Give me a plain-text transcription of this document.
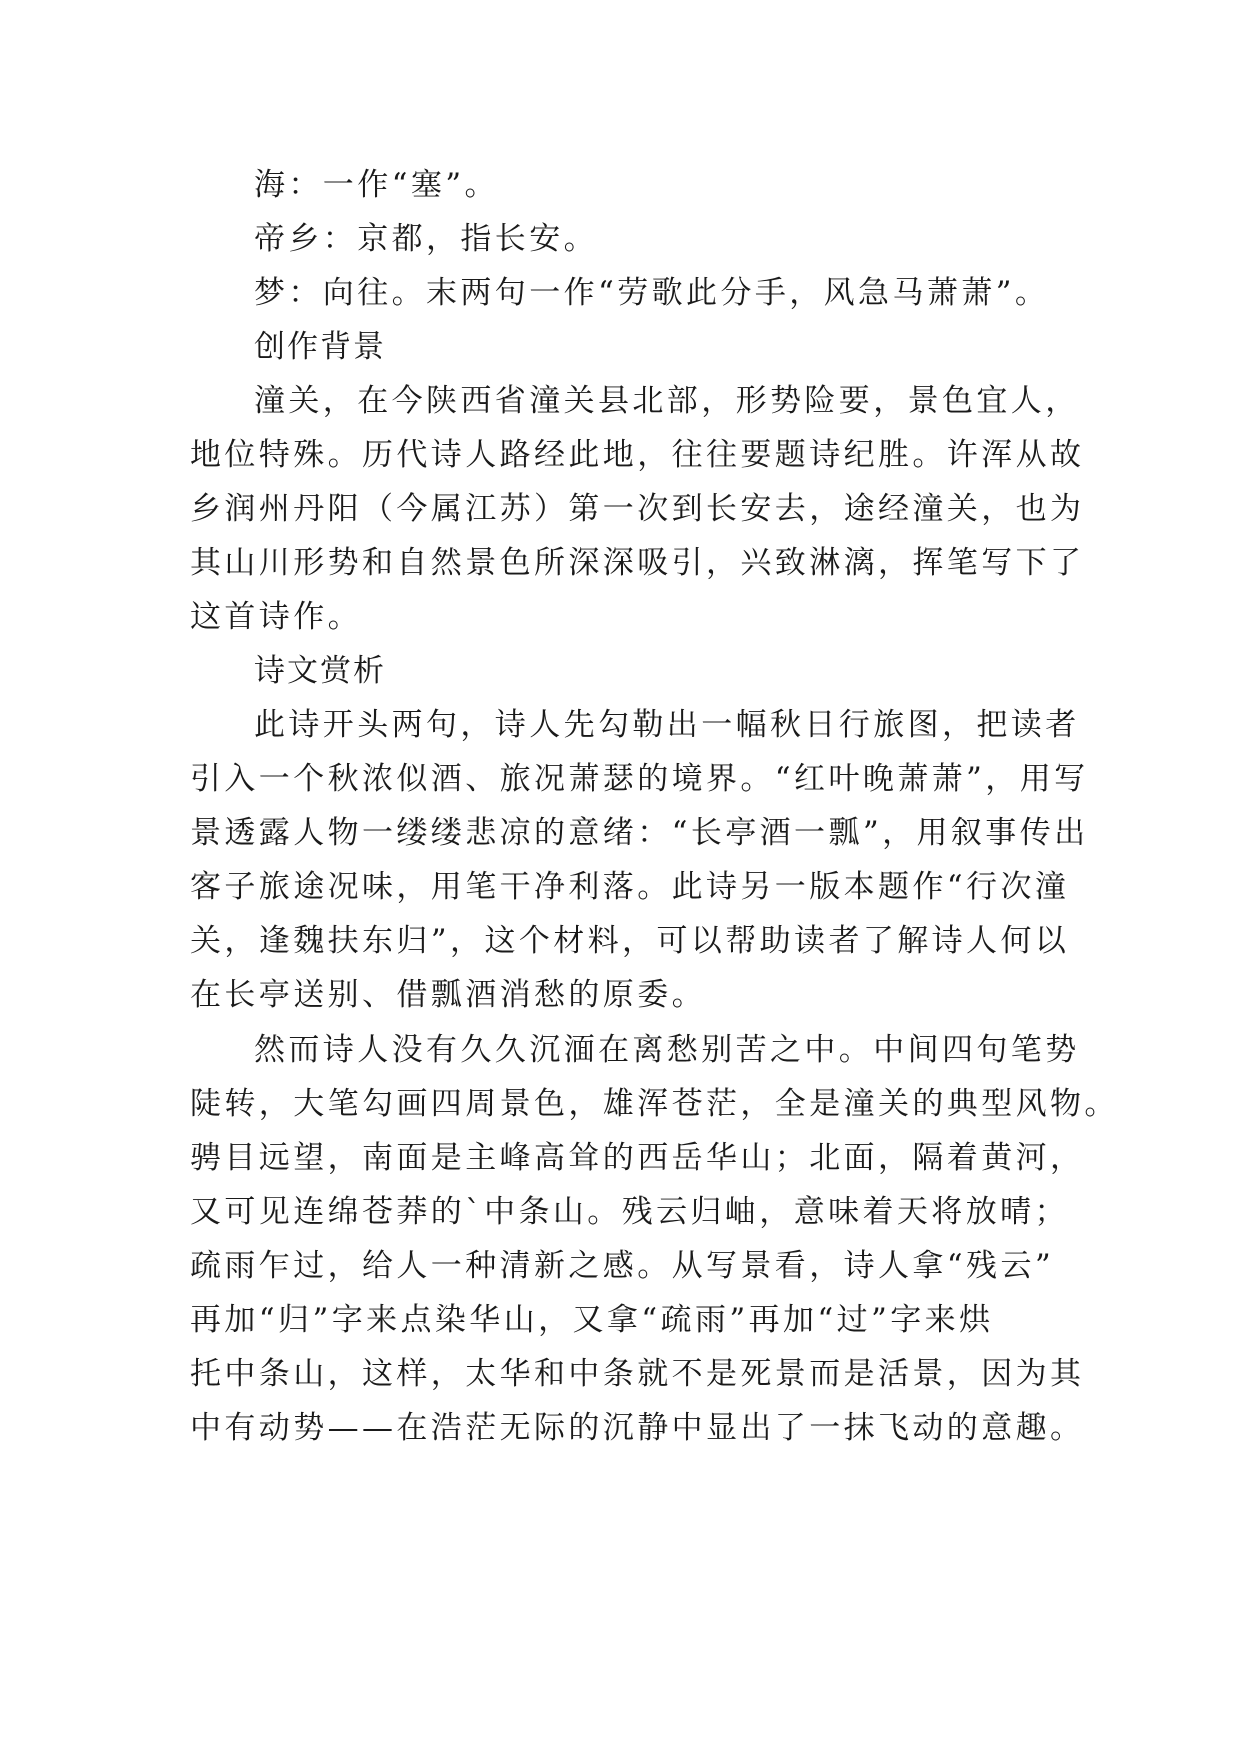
海：一作“塞”。
帝乡：京都，指长安。
梦：向往。末两句一作“劳歌此分手，风急马萧萧”。
创作背景
潼关，在今陕西省潼关县北部，形势险要，景色宜人，
地位特殊。历代诗人路经此地，往往要题诗纪胜。许浑从故
乡润州丹阳（今属江苏）第一次到长安去，途经潼关，也为
其山川形势和自然景色所深深吸引，兴致淋漓，挥笔写下了
这首诗作。
诗文赏析
此诗开头两句，诗人先勾勒出一幅秋日行旅图，把读者
引入一个秋浓似酒、旅况萧瑟的境界。“红叶晚萧萧”，用写
景透露人物一缕缕悲凉的意绪：“长亭酒一瓢”，用叙事传出
客子旅途况味，用笔干净利落。此诗另一版本题作“行次潼
关，逢魏扶东归”，这个材料，可以帮助读者了解诗人何以
在长亭送别、借瓢酒消愁的原委。
然而诗人没有久久沉湎在离愁别苦之中。中间四句笔势
陡转，大笔勾画四周景色，雄浑苍茫，全是潼关的典型风物。
骋目远望，南面是主峰高耸的西岳华山；北面，隔着黄河，
又可见连绵苍莽的`中条山。残云归岫，意味着天将放晴；
疏雨乍过，给人一种清新之感。从写景看，诗人拿“残云”
再加“归”字来点染华山，又拿“疏雨”再加“过”字来烘
托中条山，这样，太华和中条就不是死景而是活景，因为其
中有动势——在浩茫无际的沉静中显出了一抹飞动的意趣。
